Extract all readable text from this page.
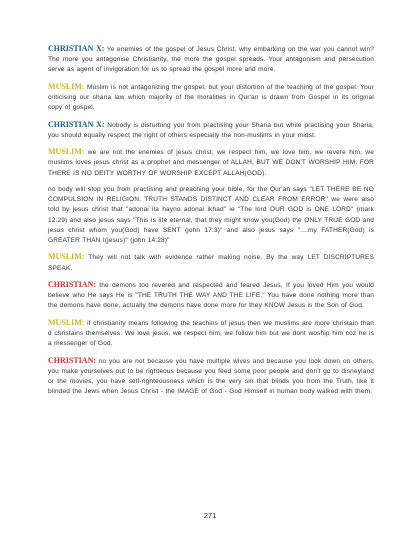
CHRISTIAN X: Ye enemies of the gospel of Jesus Christ, why embarking on the war you cannot win? The more you antagonise Christianity, the more the gospel spreads. Your antagonism and persecution serve as agent of invigoration for us to spread the gospel more and more.

MUSLIM: Muslim is not antagonizing the gospel, but your distortion of the teaching of the gospel. Your criticising our sharia law which majority of the moralities in Qur'an is drawn from Gospel in its original copy of gospel.

CHRISTIAN X: Nobody is disturbing you from practising your Sharia but while practising your Sharia, you should equally respect the right of others especially the non-muslims in your midst.

MUSLIM: we are not the enemies of jesus christ, we respect him, we love him, we revere him, we muslims loves jesus christ as a prophet and messenger of ALLAH, BUT WE DON'T WORSHIP HIM, FOR THERE IS NO DEITY WORTHY OF WORSHIP EXCEPT ALLAH(GOD).

no body will stop you from practising and preaching your bible, for the Qur'an says "LET THERE BE NO COMPULSION IN RELIGION, TRUTH STANDS DISTINCT AND CLEAR FROM ERROR" we were also told by jesus christ that "adonai ila hayno adonai ikhad" ie "The lord OUR GOD is ONE LORD" (mark 12:29) and also jesus says "This is life eternal, that they might know you(God) the ONLY TRUE GOD and jesus christ whom you(God) have SENT (john 17:3)" and also jesus says "....my FATHER(God) is GREATER THAN I(jesus)" (john 14:28)"

MUSLIM: They will not talk with evidence rather making noise. By the way LET DISCRIPTURES SPEAK.

CHRISTIAN: the demons too revered and respected and feared Jesus, If you loved Him you would believe who He says He is "THE TRUTH THE WAY AND THE LIFE." You have done nothing more than the demons have done, actually the demons have done more for they KNOW Jesus is the Son of God.

MUSLIM: if christianity means following the teachins of jesus then we muslims are more christain than d christains themselves. We love jesus, we respect him, we follow him but we dont woship him coz he is a messenger of God.

CHRISTIAN: no you are not because you have multiple wives and because you look down on others, you make yourselves out to be righteous because you feed some poor people and don't go to disneyland or the movies, you have self-righteousness which is the very sin that blinds you from the Truth, like it blinded the Jews when Jesus Christ - the IMAGE of God - God Himself in human body walked with them.

271
